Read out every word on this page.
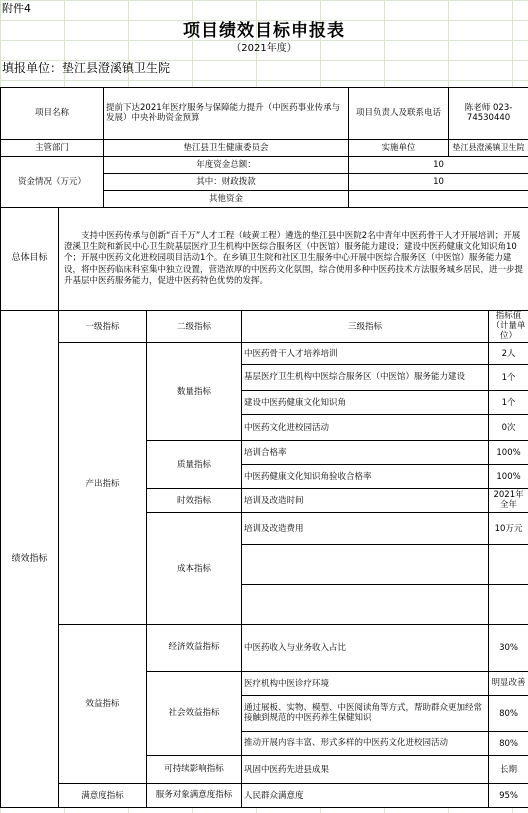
附件4
项目绩效目标申报表
（2021年度）
填报单位：垫江县澄溪镇卫生院
项目名称		提前下达2021年医疗服务与保障能力提升（中医药事业传承与发展）中央补助资金预算			项目负责人及联系电话	陈老师 023-74530440	
主管部门		垫江县卫生健康委员会			实施单位	垫江县澄溪镇卫生院	
资金情况（万元）		年度资金总额：			10		
		其中：财政拨款			10		
		其他资金					
总体目标	支持中医药传承与创新“百千万”人才工程（岐黄工程）遴选的垫江县中医院2名中青年中医药骨干人才开展培训；开展澄溪卫生院和新民中心卫生院基层医疗卫生机构中医综合服务区（中医馆）服务能力建设；建设中医药健康文化知识角10个；开展中医药文化进校园项目活动1个。在乡镇卫生院和社区卫生服务中心开展中医综合服务区（中医馆）服务能力建设，将中医药临床科室集中独立设置，营造浓厚的中医药文化氛围，综合使用多种中医药技术方法服务城乡居民，进一步提升基层中医药服务能力，促进中医药特色优势的发挥。						
绩效指标	一级指标		二级指标	三级指标			指标值（计量单位）
	产出指标		数量指标	中医药骨干人才培养培训			2人
				基层医疗卫生机构中医综合服务区（中医馆）服务能力建设			1个
				建设中医药健康文化知识角			1个
				中医药文化进校园活动			0次
			质量指标	培训合格率			100%
				中医药健康文化知识角验收合格率			100%
			时效指标	培训及改造时间			2021年全年
			成本指标	培训及改造费用			10万元

	效益指标		经济效益指标	中医药收入与业务收入占比			30%
			社会效益指标	医疗机构中医诊疗环境			明显改善
				通过展板、实物、模型、中医阅读角等方式，帮助群众更加经常接触到规范的中医药养生保健知识			80%
				推动开展内容丰富、形式多样的中医药文化进校园活动			80%
			可持续影响指标	巩固中医药先进县成果			长期
	满意度指标		服务对象满意度指标	人民群众满意度			95%
